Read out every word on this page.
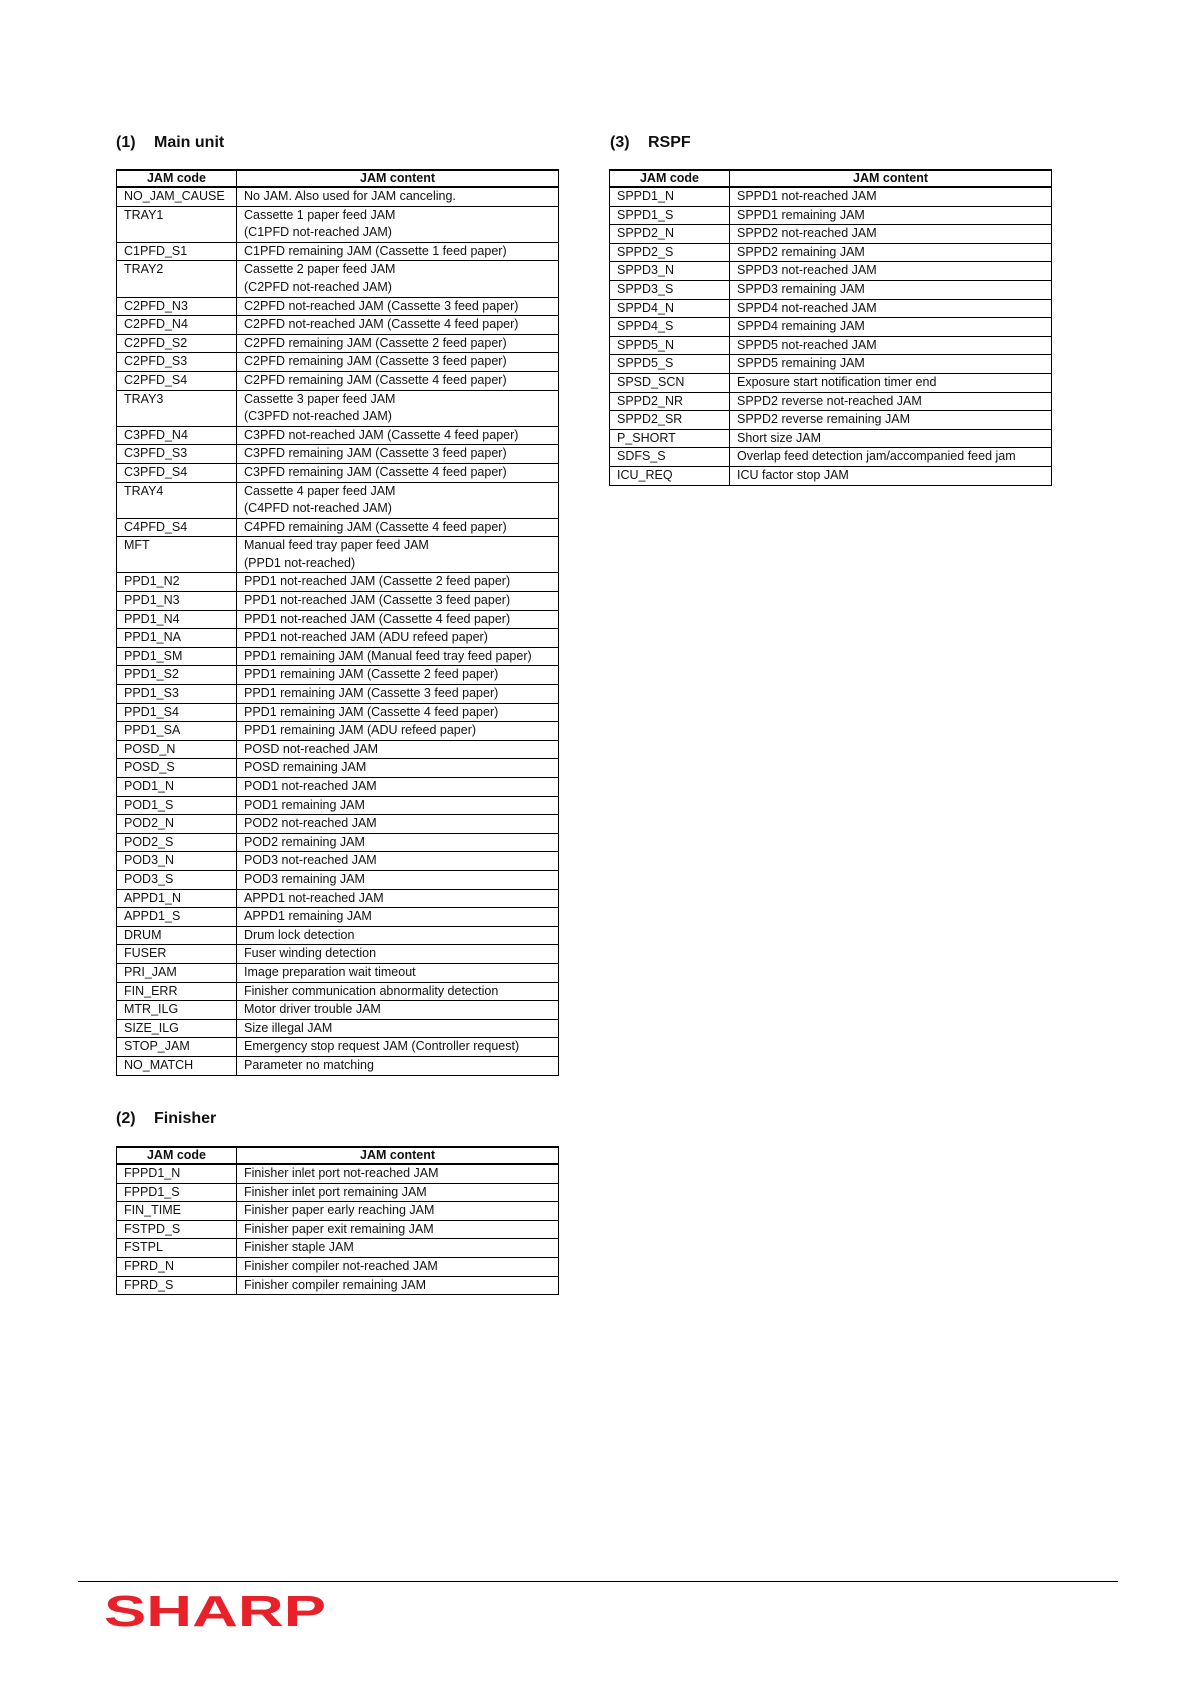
(1) Main unit
JAM code	JAM content
NO_JAM_CAUSE	No JAM. Also used for JAM canceling.
TRAY1	Cassette 1 paper feed JAM
(C1PFD not-reached JAM)
C1PFD_S1	C1PFD remaining JAM (Cassette 1 feed paper)
TRAY2	Cassette 2 paper feed JAM
(C2PFD not-reached JAM)
C2PFD_N3	C2PFD not-reached JAM (Cassette 3 feed paper)
C2PFD_N4	C2PFD not-reached JAM (Cassette 4 feed paper)
C2PFD_S2	C2PFD remaining JAM (Cassette 2 feed paper)
C2PFD_S3	C2PFD remaining JAM (Cassette 3 feed paper)
C2PFD_S4	C2PFD remaining JAM (Cassette 4 feed paper)
TRAY3	Cassette 3 paper feed JAM
(C3PFD not-reached JAM)
C3PFD_N4	C3PFD not-reached JAM (Cassette 4 feed paper)
C3PFD_S3	C3PFD remaining JAM (Cassette 3 feed paper)
C3PFD_S4	C3PFD remaining JAM (Cassette 4 feed paper)
TRAY4	Cassette 4 paper feed JAM
(C4PFD not-reached JAM)
C4PFD_S4	C4PFD remaining JAM (Cassette 4 feed paper)
MFT	Manual feed tray paper feed JAM
(PPD1 not-reached)
PPD1_N2	PPD1 not-reached JAM (Cassette 2 feed paper)
PPD1_N3	PPD1 not-reached JAM (Cassette 3 feed paper)
PPD1_N4	PPD1 not-reached JAM (Cassette 4 feed paper)
PPD1_NA	PPD1 not-reached JAM (ADU refeed paper)
PPD1_SM	PPD1 remaining JAM (Manual feed tray feed paper)
PPD1_S2	PPD1 remaining JAM (Cassette 2 feed paper)
PPD1_S3	PPD1 remaining JAM (Cassette 3 feed paper)
PPD1_S4	PPD1 remaining JAM (Cassette 4 feed paper)
PPD1_SA	PPD1 remaining JAM (ADU refeed paper)
POSD_N	POSD not-reached JAM
POSD_S	POSD remaining JAM
POD1_N	POD1 not-reached JAM
POD1_S	POD1 remaining JAM
POD2_N	POD2 not-reached JAM
POD2_S	POD2 remaining JAM
POD3_N	POD3 not-reached JAM
POD3_S	POD3 remaining JAM
APPD1_N	APPD1 not-reached JAM
APPD1_S	APPD1 remaining JAM
DRUM	Drum lock detection
FUSER	Fuser winding detection
PRI_JAM	Image preparation wait timeout
FIN_ERR	Finisher communication abnormality detection
MTR_ILG	Motor driver trouble JAM
SIZE_ILG	Size illegal JAM
STOP_JAM	Emergency stop request JAM (Controller request)
NO_MATCH	Parameter no matching
(2) Finisher
JAM code	JAM content
FPPD1_N	Finisher inlet port not-reached JAM
FPPD1_S	Finisher inlet port remaining JAM
FIN_TIME	Finisher paper early reaching JAM
FSTPD_S	Finisher paper exit remaining JAM
FSTPL	Finisher staple JAM
FPRD_N	Finisher compiler not-reached JAM
FPRD_S	Finisher compiler remaining JAM
(3) RSPF
JAM code	JAM content
SPPD1_N	SPPD1 not-reached JAM
SPPD1_S	SPPD1 remaining JAM
SPPD2_N	SPPD2 not-reached JAM
SPPD2_S	SPPD2 remaining JAM
SPPD3_N	SPPD3 not-reached JAM
SPPD3_S	SPPD3 remaining JAM
SPPD4_N	SPPD4 not-reached JAM
SPPD4_S	SPPD4 remaining JAM
SPPD5_N	SPPD5 not-reached JAM
SPPD5_S	SPPD5 remaining JAM
SPSD_SCN	Exposure start notification timer end
SPPD2_NR	SPPD2 reverse not-reached JAM
SPPD2_SR	SPPD2 reverse remaining JAM
P_SHORT	Short size JAM
SDFS_S	Overlap feed detection jam/accompanied feed jam
ICU_REQ	ICU factor stop JAM
SHARP
